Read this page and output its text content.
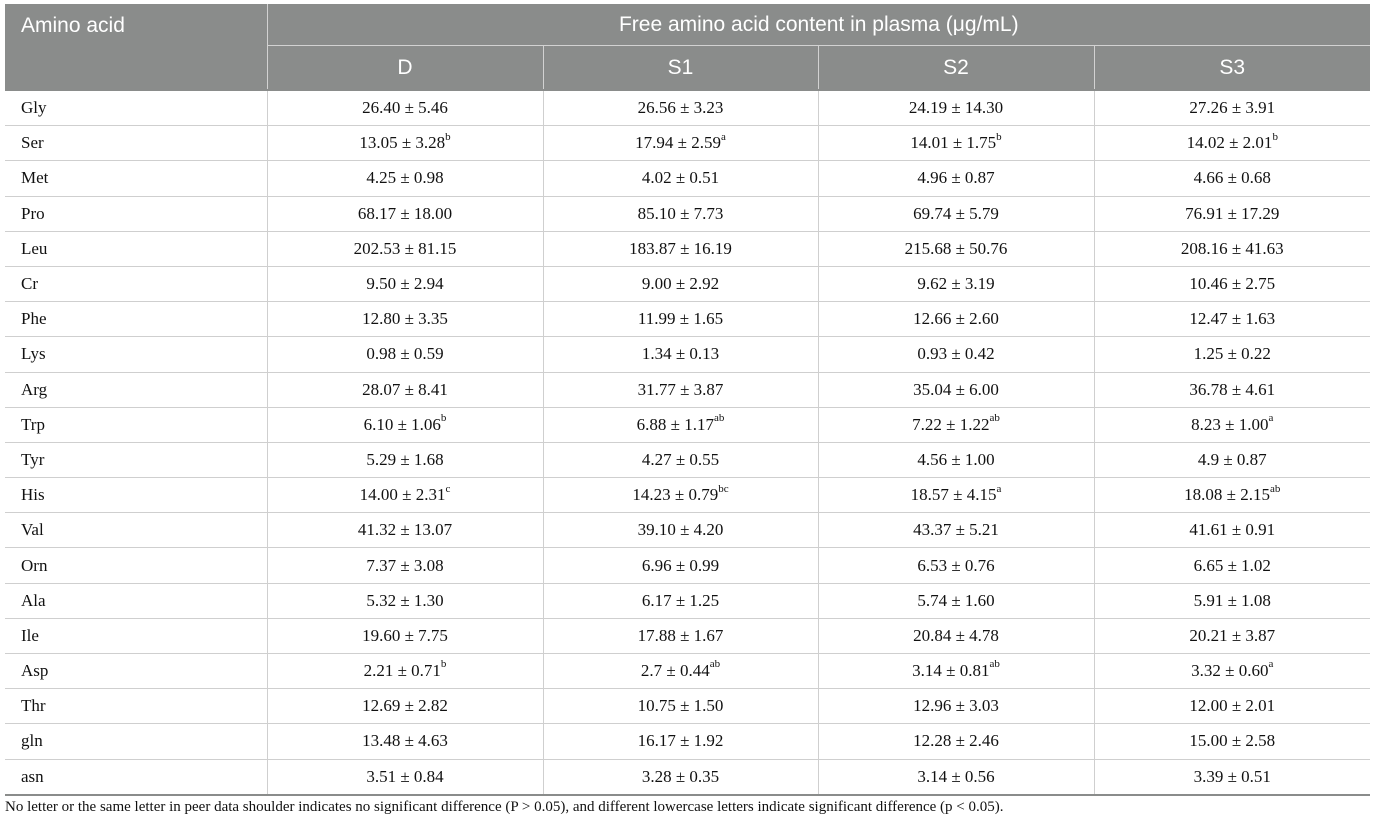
Amino acid	Free amino acid content in plasma (μg/mL)			
	D	S1	S2	S3
Gly	26.40 ± 5.46	26.56 ± 3.23	24.19 ± 14.30	27.26 ± 3.91
Ser	13.05 ± 3.28$^b$	17.94 ± 2.59$^a$	14.01 ± 1.75$^b$	14.02 ± 2.01$^b$
Met	4.25 ± 0.98	4.02 ± 0.51	4.96 ± 0.87	4.66 ± 0.68
Pro	68.17 ± 18.00	85.10 ± 7.73	69.74 ± 5.79	76.91 ± 17.29
Leu	202.53 ± 81.15	183.87 ± 16.19	215.68 ± 50.76	208.16 ± 41.63
Cr	9.50 ± 2.94	9.00 ± 2.92	9.62 ± 3.19	10.46 ± 2.75
Phe	12.80 ± 3.35	11.99 ± 1.65	12.66 ± 2.60	12.47 ± 1.63
Lys	0.98 ± 0.59	1.34 ± 0.13	0.93 ± 0.42	1.25 ± 0.22
Arg	28.07 ± 8.41	31.77 ± 3.87	35.04 ± 6.00	36.78 ± 4.61
Trp	6.10 ± 1.06$^b$	6.88 ± 1.17$^{ab}$	7.22 ± 1.22$^{ab}$	8.23 ± 1.00$^a$
Tyr	5.29 ± 1.68	4.27 ± 0.55	4.56 ± 1.00	4.9 ± 0.87
His	14.00 ± 2.31$^c$	14.23 ± 0.79$^{bc}$	18.57 ± 4.15$^a$	18.08 ± 2.15$^{ab}$
Val	41.32 ± 13.07	39.10 ± 4.20	43.37 ± 5.21	41.61 ± 0.91
Orn	7.37 ± 3.08	6.96 ± 0.99	6.53 ± 0.76	6.65 ± 1.02
Ala	5.32 ± 1.30	6.17 ± 1.25	5.74 ± 1.60	5.91 ± 1.08
Ile	19.60 ± 7.75	17.88 ± 1.67	20.84 ± 4.78	20.21 ± 3.87
Asp	2.21 ± 0.71$^b$	2.7 ± 0.44$^{ab}$	3.14 ± 0.81$^{ab}$	3.32 ± 0.60$^a$
Thr	12.69 ± 2.82	10.75 ± 1.50	12.96 ± 3.03	12.00 ± 2.01
gln	13.48 ± 4.63	16.17 ± 1.92	12.28 ± 2.46	15.00 ± 2.58
asn	3.51 ± 0.84	3.28 ± 0.35	3.14 ± 0.56	3.39 ± 0.51
No letter or the same letter in peer data shoulder indicates no significant difference (P > 0.05), and different lowercase letters indicate significant difference (p < 0.05).
